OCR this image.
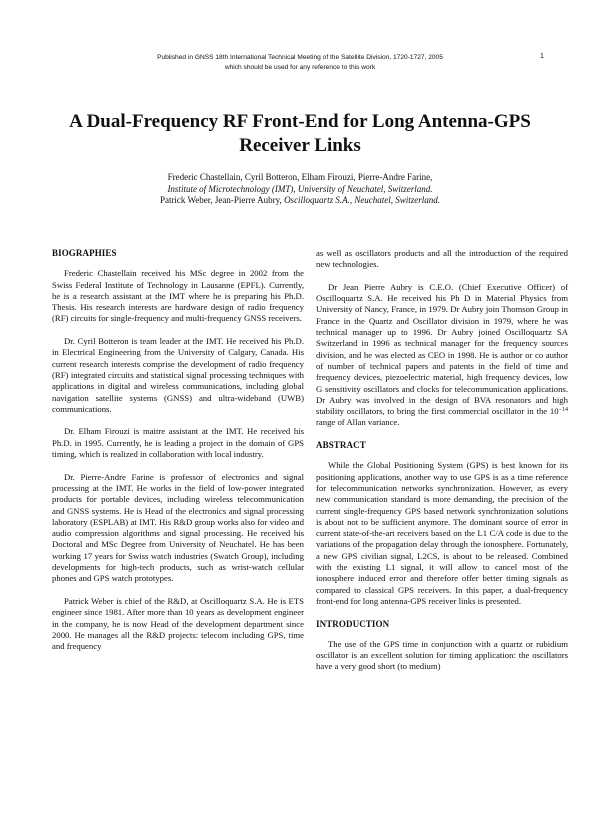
Published in GNSS 18th International Technical Meeting of the Satellite Division, 1720-1727, 2005
which should be used for any reference to this work
1
A Dual-Frequency RF Front-End for Long Antenna-GPS
Receiver Links
Frederic Chastellain, Cyril Botteron, Elham Firouzi, Pierre-Andre Farine,
Institute of Microtechnology (IMT), University of Neuchatel, Switzerland.
Patrick Weber, Jean-Pierre Aubry, Oscilloquartz S.A., Neuchatel, Switzerland.
BIOGRAPHIES

Frederic Chastellain received his MSc degree in 2002 from the Swiss Federal Institute of Technology in Lausanne (EPFL). Currently, he is a research assistant at the IMT where he is preparing his Ph.D. Thesis. His research interests are hardware design of radio frequency (RF) circuits for single-frequency and multi-frequency GNSS receivers.

Dr. Cyril Botteron is team leader at the IMT. He received his Ph.D. in Electrical Engineering from the University of Calgary, Canada. His current research interests comprise the development of radio frequency (RF) integrated circuits and statistical signal processing techniques with applications in digital and wireless communications, including global navigation satellite systems (GNSS) and ultra-wideband (UWB) communications.

Dr. Elham Firouzi is maitre assistant at the IMT. He received his Ph.D. in 1995. Currently, he is leading a project in the domain of GPS timing, which is realized in collaboration with local industry.

Dr. Pierre-Andre Farine is professor of electronics and signal processing at the IMT. He works in the field of low-power integrated products for portable devices, including wireless telecommunication and GNSS systems. He is Head of the electronics and signal processing laboratory (ESPLAB) at IMT. His R&D group works also for video and audio compression algorithms and signal processing. He received his Doctoral and MSc Degree from University of Neuchatel. He has been working 17 years for Swiss watch industries (Swatch Group), including developments for high-tech products, such as wrist-watch cellular phones and GPS watch prototypes.

Patrick Weber is chief of the R&D, at Oscilloquartz S.A. He is ETS engineer since 1981. After more than 10 years as development engineer in the company, he is now Head of the development department since 2000. He manages all the R&D projects: telecom including GPS, time and frequency

as well as oscillators products and all the introduction of the required new technologies.

Dr Jean Pierre Aubry is C.E.O. (Chief Executive Officer) of Oscilloquartz S.A. He received his Ph D in Material Physics from University of Nancy, France, in 1979. Dr Aubry join Thomson Group in France in the Quartz and Oscillator division in 1979, where he was technical manager up to 1996. Dr Aubry joined Oscilloquartz SA Switzerland in 1996 as technical manager for the frequency sources division, and he was elected as CEO in 1998. He is author or co author of number of technical papers and patents in the field of time and frequency devices, piezoelectric material, high frequency devices, low G sensitivity oscillators and clocks for telecommunication applications. Dr Aubry was involved in the design of BVA resonators and high stability oscillators, to bring the first commercial oscillator in the $10^{-14}$ range of Allan variance.

ABSTRACT

While the Global Positioning System (GPS) is best known for its positioning applications, another way to use GPS is as a time reference for telecommunication networks synchronization. However, as every new communication standard is more demanding, the precision of the current single-frequency GPS based network synchronization solutions is about not to be sufficient anymore. The dominant source of error in current state-of-the-art receivers based on the L1 C/A code is due to the variations of the propagation delay through the ionosphere. Fortunately, a new GPS civilian signal, L2CS, is about to be released. Combined with the existing L1 signal, it will allow to cancel most of the ionosphere induced error and therefore offer better timing signals as compared to classical GPS receivers. In this paper, a dual-frequency front-end for long antenna-GPS receiver links is presented.

INTRODUCTION

The use of the GPS time in conjunction with a quartz or rubidium oscillator is an excellent solution for timing application: the oscillators have a very good short (to medium)
